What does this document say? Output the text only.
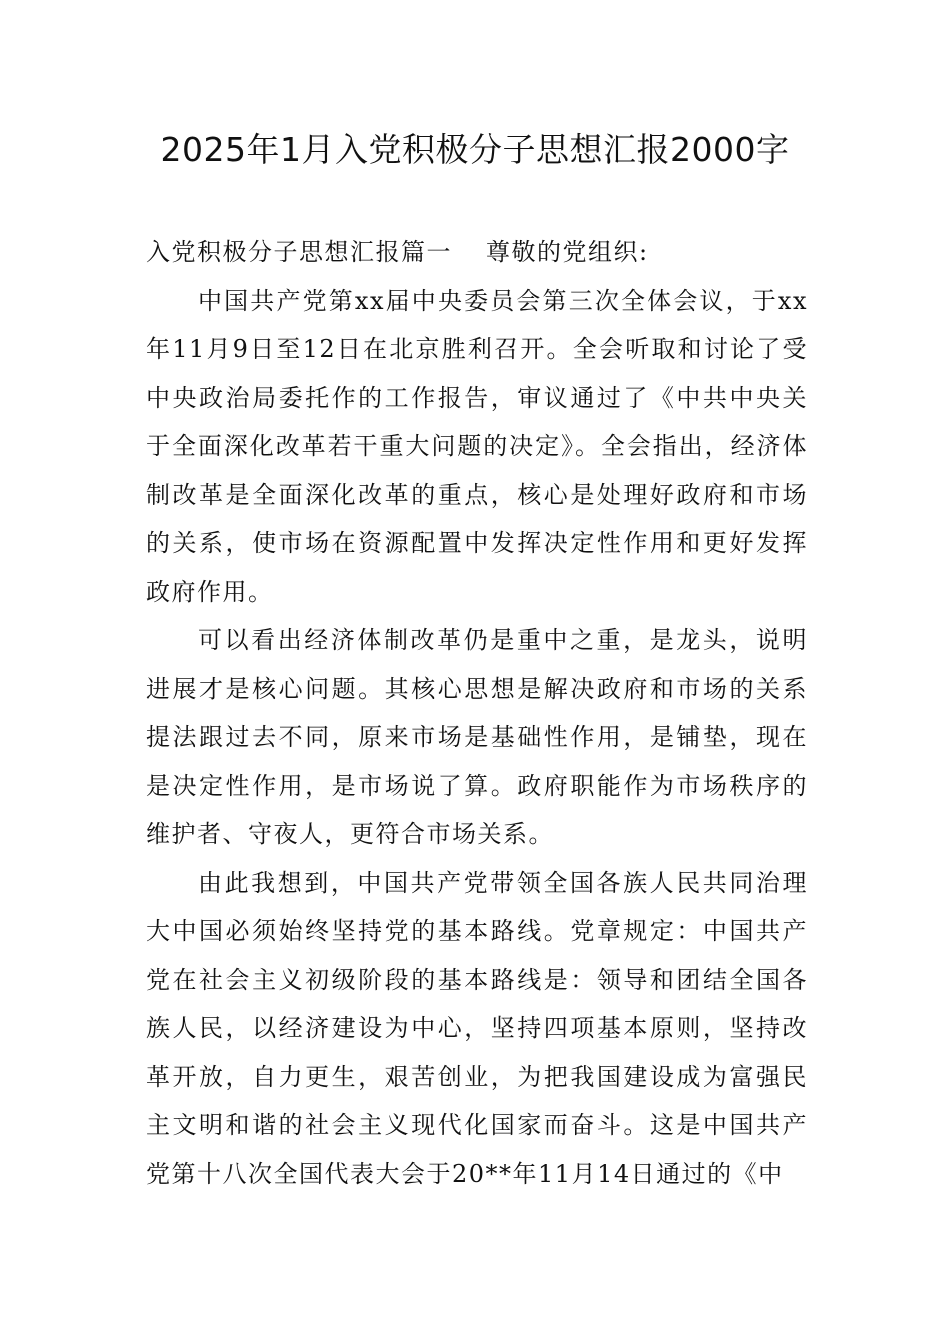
2025年1月入党积极分子思想汇报2000字

入党积极分子思想汇报篇一 尊敬的党组织:

中国共产党第xx届中央委员会第三次全体会议，于xx年11月9日至12日在北京胜利召开。全会听取和讨论了受中央政治局委托作的工作报告，审议通过了《中共中央关于全面深化改革若干重大问题的决定》。全会指出，经济体制改革是全面深化改革的重点，核心是处理好政府和市场的关系，使市场在资源配置中发挥决定性作用和更好发挥政府作用。

可以看出经济体制改革仍是重中之重，是龙头，说明进展才是核心问题。其核心思想是解决政府和市场的关系提法跟过去不同，原来市场是基础性作用，是铺垫，现在是决定性作用，是市场说了算。政府职能作为市场秩序的维护者、守夜人，更符合市场关系。

由此我想到，中国共产党带领全国各族人民共同治理大中国必须始终坚持党的基本路线。党章规定：中国共产党在社会主义初级阶段的基本路线是：领导和团结全国各族人民，以经济建设为中心，坚持四项基本原则，坚持改革开放，自力更生，艰苦创业，为把我国建设成为富强民主文明和谐的社会主义现代化国家而奋斗。这是中国共产党第十八次全国代表大会于20**年11月14日通过的《中
